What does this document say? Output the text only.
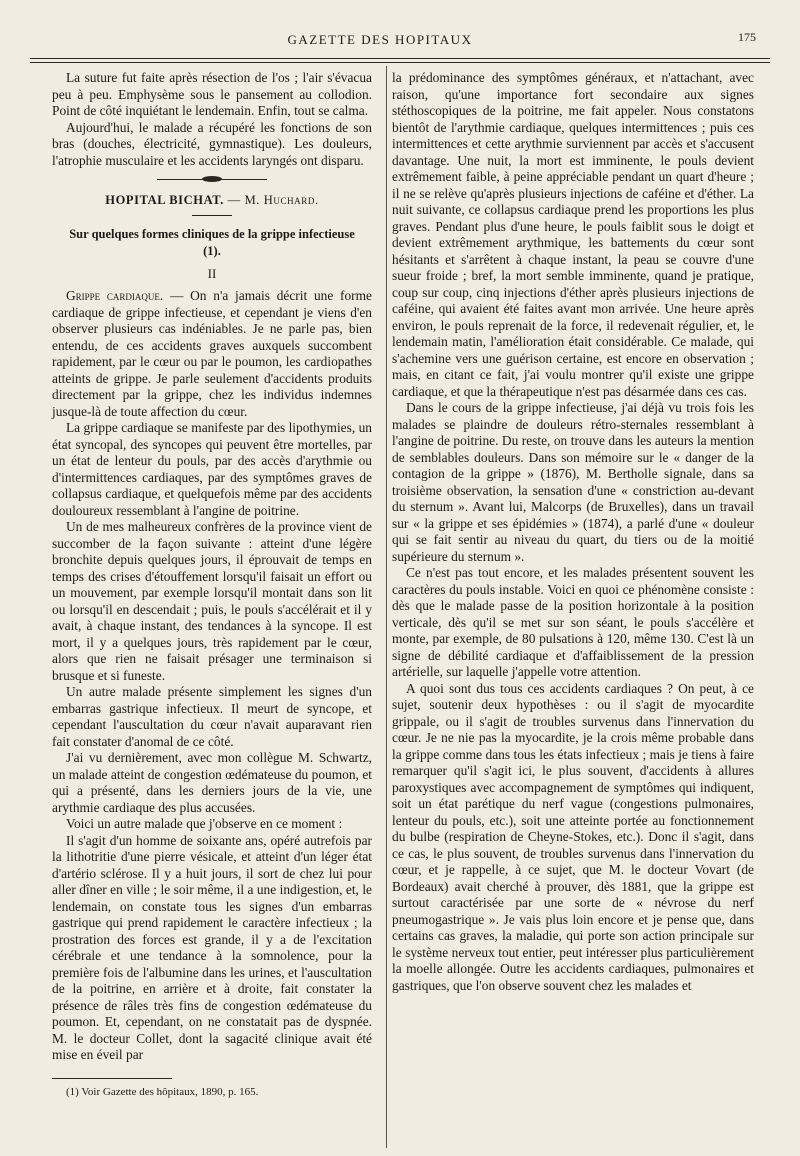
GAZETTE DES HOPITAUX	175

La suture fut faite après résection de l'os ; l'air s'évacua peu à peu. Emphysème sous le pansement au collodion. Point de côté inquiétant le lendemain. Enfin, tout se calma.

Aujourd'hui, le malade a récupéré les fonctions de son bras (douches, électricité, gymnastique). Les douleurs, l'atrophie musculaire et les accidents laryngés ont disparu.

HOPITAL BICHAT. — M. Huchard.
Sur quelques formes cliniques de la grippe infectieuse (1).
II

Grippe cardiaque. — On n'a jamais décrit une forme cardiaque de grippe infectieuse, et cependant je viens d'en observer plusieurs cas indéniables. Je ne parle pas, bien entendu, de ces accidents graves auxquels succombent rapidement, par le cœur ou par le poumon, les cardiopathes atteints de grippe. Je parle seulement d'accidents produits directement par la grippe, chez les individus indemnes jusque-là de toute affection du cœur.

La grippe cardiaque se manifeste par des lipothymies, un état syncopal, des syncopes qui peuvent être mortelles, par un état de lenteur du pouls, par des accès d'arythmie ou d'intermittences cardiaques, par des symptômes graves de collapsus cardiaque, et quelquefois même par des accidents douloureux ressemblant à l'angine de poitrine.

Un de mes malheureux confrères de la province vient de succomber de la façon suivante : atteint d'une légère bronchite depuis quelques jours, il éprouvait de temps en temps des crises d'étouffement lorsqu'il faisait un effort ou un mouvement, par exemple lorsqu'il montait dans son lit ou lorsqu'il en descendait ; puis, le pouls s'accélérait et il y avait, à chaque instant, des tendances à la syncope. Il est mort, il y a quelques jours, très rapidement par le cœur, alors que rien ne faisait présager une terminaison si brusque et si funeste.

Un autre malade présente simplement les signes d'un embarras gastrique infectieux. Il meurt de syncope, et cependant l'auscultation du cœur n'avait auparavant rien fait constater d'anomal de ce côté.

J'ai vu dernièrement, avec mon collègue M. Schwartz, un malade atteint de congestion œdémateuse du poumon, et qui a présenté, dans les derniers jours de la vie, une arythmie cardiaque des plus accusées.

Voici un autre malade que j'observe en ce moment :

Il s'agit d'un homme de soixante ans, opéré autrefois par la lithotritie d'une pierre vésicale, et atteint d'un léger état d'artério sclérose. Il y a huit jours, il sort de chez lui pour aller dîner en ville ; le soir même, il a une indigestion, et, le lendemain, on constate tous les signes d'un embarras gastrique qui prend rapidement le caractère infectieux ; la prostration des forces est grande, il y a de l'excitation cérébrale et une tendance à la somnolence, pour la première fois de l'albumine dans les urines, et l'auscultation de la poitrine, en arrière et à droite, fait constater la présence de râles très fins de congestion œdémateuse du poumon. Et, cependant, on ne constatait pas de dyspnée. M. le docteur Collet, dont la sagacité clinique avait été mise en éveil par

(1) Voir Gazette des hôpitaux, 1890, p. 165.

la prédominance des symptômes généraux, et n'attachant, avec raison, qu'une importance fort secondaire aux signes stéthoscopiques de la poitrine, me fait appeler. Nous constatons bientôt de l'arythmie cardiaque, quelques intermittences ; puis ces intermittences et cette arythmie surviennent par accès et s'accusent davantage. Une nuit, la mort est imminente, le pouls devient extrêmement faible, à peine appréciable pendant un quart d'heure ; il ne se relève qu'après plusieurs injections de caféine et d'éther. La nuit suivante, ce collapsus cardiaque prend les proportions les plus graves. Pendant plus d'une heure, le pouls faiblit sous le doigt et devient extrêmement arythmique, les battements du cœur sont hésitants et s'arrêtent à chaque instant, la peau se couvre d'une sueur froide ; bref, la mort semble imminente, quand je pratique, coup sur coup, cinq injections d'éther après plusieurs injections de caféine, qui avaient été faites avant mon arrivée. Une heure après environ, le pouls reprenait de la force, il redevenait régulier, et, le lendemain matin, l'amélioration était considérable. Ce malade, qui s'achemine vers une guérison certaine, est encore en observation ; mais, en citant ce fait, j'ai voulu montrer qu'il existe une grippe cardiaque, et que la thérapeutique n'est pas désarmée dans ces cas.

Dans le cours de la grippe infectieuse, j'ai déjà vu trois fois les malades se plaindre de douleurs rétro-sternales ressemblant à l'angine de poitrine. Du reste, on trouve dans les auteurs la mention de semblables douleurs. Dans son mémoire sur le « danger de la contagion de la grippe » (1876), M. Bertholle signale, dans sa troisième observation, la sensation d'une « constriction au-devant du sternum ». Avant lui, Malcorps (de Bruxelles), dans un travail sur « la grippe et ses épidémies » (1874), a parlé d'une « douleur qui se fait sentir au niveau du quart, du tiers ou de la moitié supérieure du sternum ».

Ce n'est pas tout encore, et les malades présentent souvent les caractères du pouls instable. Voici en quoi ce phénomène consiste : dès que le malade passe de la position horizontale à la position verticale, dès qu'il se met sur son séant, le pouls s'accélère et monte, par exemple, de 80 pulsations à 120, même 130. C'est là un signe de débilité cardiaque et d'affaiblissement de la pression artérielle, sur laquelle j'appelle votre attention.

A quoi sont dus tous ces accidents cardiaques ? On peut, à ce sujet, soutenir deux hypothèses : ou il s'agit de myocardite grippale, ou il s'agit de troubles survenus dans l'innervation du cœur. Je ne nie pas la myocardite, je la crois même probable dans la grippe comme dans tous les états infectieux ; mais je tiens à faire remarquer qu'il s'agit ici, le plus souvent, d'accidents à allures paroxystiques avec accompagnement de symptômes qui indiquent, soit un état parétique du nerf vague (congestions pulmonaires, lenteur du pouls, etc.), soit une atteinte portée au fonctionnement du bulbe (respiration de Cheyne-Stokes, etc.). Donc il s'agit, dans ce cas, le plus souvent, de troubles survenus dans l'innervation du cœur, et je rappelle, à ce sujet, que M. le docteur Vovart (de Bordeaux) avait cherché à prouver, dès 1881, que la grippe est surtout caractérisée par une sorte de « névrose du nerf pneumogastrique ». Je vais plus loin encore et je pense que, dans certains cas graves, la maladie, qui porte son action principale sur le système nerveux tout entier, peut intéresser plus particulièrement la moelle allongée. Outre les accidents cardiaques, pulmonaires et gastriques, que l'on observe souvent chez les malades et
